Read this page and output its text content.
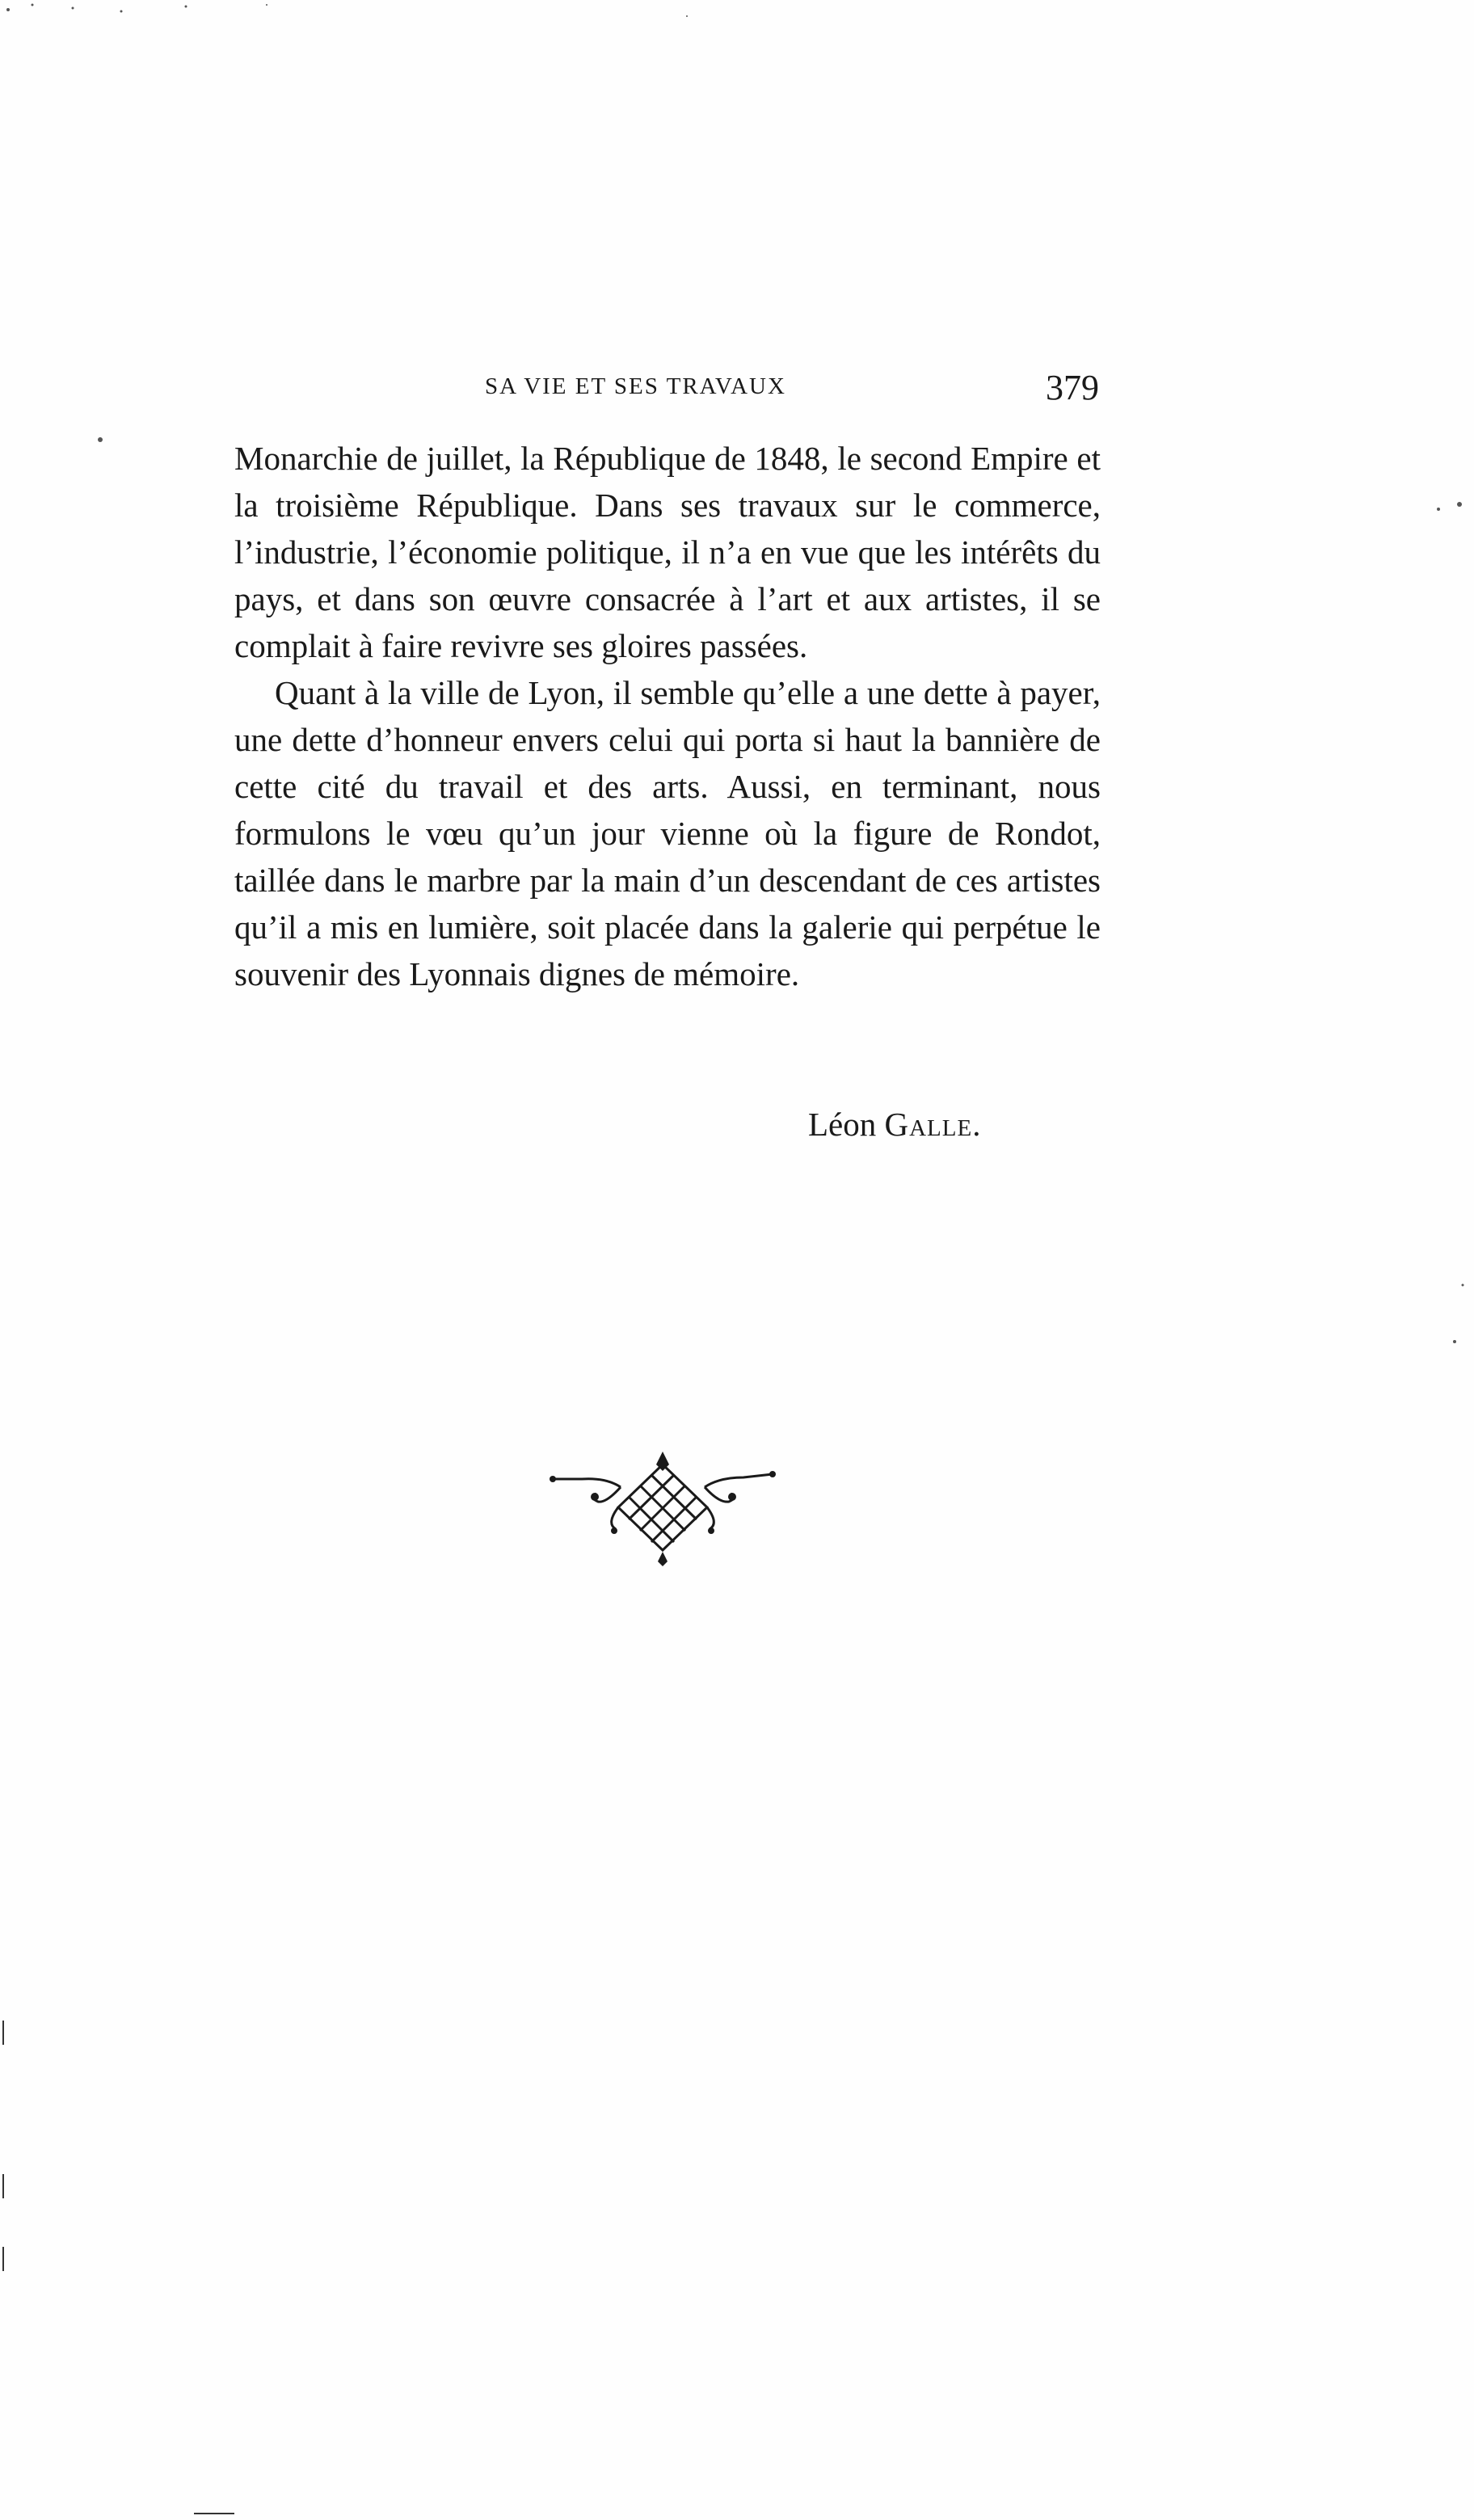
SA VIE ET SES TRAVAUX	379

Monarchie de juillet, la République de 1848, le second Empire et la troisième République. Dans ses travaux sur le commerce, l’industrie, l’économie politique, il n’a en vue que les intérêts du pays, et dans son œuvre consacrée à l’art et aux artistes, il se complait à faire revivre ses gloires passées.

Quant à la ville de Lyon, il semble qu’elle a une dette à payer, une dette d’honneur envers celui qui porta si haut la bannière de cette cité du travail et des arts. Aussi, en terminant, nous formulons le vœu qu’un jour vienne où la figure de Rondot, taillée dans le marbre par la main d’un descendant de ces artistes qu’il a mis en lumière, soit placée dans la galerie qui perpétue le souvenir des Lyonnais dignes de mémoire.

Léon Galle.
